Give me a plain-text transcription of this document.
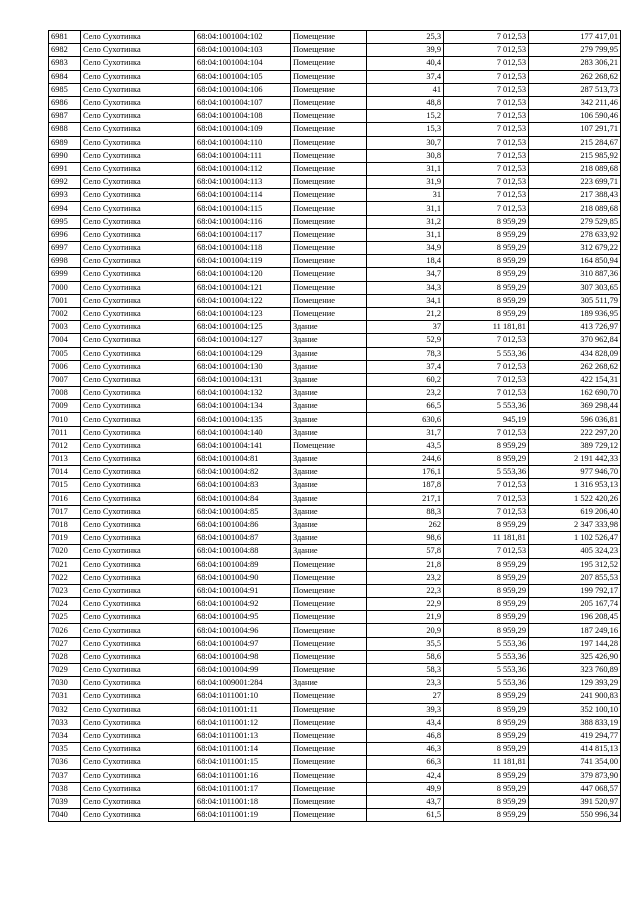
6981	Село Сухотинка	68:04:1001004:102	Помещение	25,3	7 012,53	177 417,01
6982	Село Сухотинка	68:04:1001004:103	Помещение	39,9	7 012,53	279 799,95
6983	Село Сухотинка	68:04:1001004:104	Помещение	40,4	7 012,53	283 306,21
6984	Село Сухотинка	68:04:1001004:105	Помещение	37,4	7 012,53	262 268,62
6985	Село Сухотинка	68:04:1001004:106	Помещение	41	7 012,53	287 513,73
6986	Село Сухотинка	68:04:1001004:107	Помещение	48,8	7 012,53	342 211,46
6987	Село Сухотинка	68:04:1001004:108	Помещение	15,2	7 012,53	106 590,46
6988	Село Сухотинка	68:04:1001004:109	Помещение	15,3	7 012,53	107 291,71
6989	Село Сухотинка	68:04:1001004:110	Помещение	30,7	7 012,53	215 284,67
6990	Село Сухотинка	68:04:1001004:111	Помещение	30,8	7 012,53	215 985,92
6991	Село Сухотинка	68:04:1001004:112	Помещение	31,1	7 012,53	218 089,68
6992	Село Сухотинка	68:04:1001004:113	Помещение	31,9	7 012,53	223 699,71
6993	Село Сухотинка	68:04:1001004:114	Помещение	31	7 012,53	217 388,43
6994	Село Сухотинка	68:04:1001004:115	Помещение	31,1	7 012,53	218 089,68
6995	Село Сухотинка	68:04:1001004:116	Помещение	31,2	8 959,29	279 529,85
6996	Село Сухотинка	68:04:1001004:117	Помещение	31,1	8 959,29	278 633,92
6997	Село Сухотинка	68:04:1001004:118	Помещение	34,9	8 959,29	312 679,22
6998	Село Сухотинка	68:04:1001004:119	Помещение	18,4	8 959,29	164 850,94
6999	Село Сухотинка	68:04:1001004:120	Помещение	34,7	8 959,29	310 887,36
7000	Село Сухотинка	68:04:1001004:121	Помещение	34,3	8 959,29	307 303,65
7001	Село Сухотинка	68:04:1001004:122	Помещение	34,1	8 959,29	305 511,79
7002	Село Сухотинка	68:04:1001004:123	Помещение	21,2	8 959,29	189 936,95
7003	Село Сухотинка	68:04:1001004:125	Здание	37	11 181,81	413 726,97
7004	Село Сухотинка	68:04:1001004:127	Здание	52,9	7 012,53	370 962,84
7005	Село Сухотинка	68:04:1001004:129	Здание	78,3	5 553,36	434 828,09
7006	Село Сухотинка	68:04:1001004:130	Здание	37,4	7 012,53	262 268,62
7007	Село Сухотинка	68:04:1001004:131	Здание	60,2	7 012,53	422 154,31
7008	Село Сухотинка	68:04:1001004:132	Здание	23,2	7 012,53	162 690,70
7009	Село Сухотинка	68:04:1001004:134	Здание	66,5	5 553,36	369 298,44
7010	Село Сухотинка	68:04:1001004:135	Здание	630,6	945,19	596 036,81
7011	Село Сухотинка	68:04:1001004:140	Здание	31,7	7 012,53	222 297,20
7012	Село Сухотинка	68:04:1001004:141	Помещение	43,5	8 959,29	389 729,12
7013	Село Сухотинка	68:04:1001004:81	Здание	244,6	8 959,29	2 191 442,33
7014	Село Сухотинка	68:04:1001004:82	Здание	176,1	5 553,36	977 946,70
7015	Село Сухотинка	68:04:1001004:83	Здание	187,8	7 012,53	1 316 953,13
7016	Село Сухотинка	68:04:1001004:84	Здание	217,1	7 012,53	1 522 420,26
7017	Село Сухотинка	68:04:1001004:85	Здание	88,3	7 012,53	619 206,40
7018	Село Сухотинка	68:04:1001004:86	Здание	262	8 959,29	2 347 333,98
7019	Село Сухотинка	68:04:1001004:87	Здание	98,6	11 181,81	1 102 526,47
7020	Село Сухотинка	68:04:1001004:88	Здание	57,8	7 012,53	405 324,23
7021	Село Сухотинка	68:04:1001004:89	Помещение	21,8	8 959,29	195 312,52
7022	Село Сухотинка	68:04:1001004:90	Помещение	23,2	8 959,29	207 855,53
7023	Село Сухотинка	68:04:1001004:91	Помещение	22,3	8 959,29	199 792,17
7024	Село Сухотинка	68:04:1001004:92	Помещение	22,9	8 959,29	205 167,74
7025	Село Сухотинка	68:04:1001004:95	Помещение	21,9	8 959,29	196 208,45
7026	Село Сухотинка	68:04:1001004:96	Помещение	20,9	8 959,29	187 249,16
7027	Село Сухотинка	68:04:1001004:97	Помещение	35,5	5 553,36	197 144,28
7028	Село Сухотинка	68:04:1001004:98	Помещение	58,6	5 553,36	325 426,90
7029	Село Сухотинка	68:04:1001004:99	Помещение	58,3	5 553,36	323 760,89
7030	Село Сухотинка	68:04:1009001:284	Здание	23,3	5 553,36	129 393,29
7031	Село Сухотинка	68:04:1011001:10	Помещение	27	8 959,29	241 900,83
7032	Село Сухотинка	68:04:1011001:11	Помещение	39,3	8 959,29	352 100,10
7033	Село Сухотинка	68:04:1011001:12	Помещение	43,4	8 959,29	388 833,19
7034	Село Сухотинка	68:04:1011001:13	Помещение	46,8	8 959,29	419 294,77
7035	Село Сухотинка	68:04:1011001:14	Помещение	46,3	8 959,29	414 815,13
7036	Село Сухотинка	68:04:1011001:15	Помещение	66,3	11 181,81	741 354,00
7037	Село Сухотинка	68:04:1011001:16	Помещение	42,4	8 959,29	379 873,90
7038	Село Сухотинка	68:04:1011001:17	Помещение	49,9	8 959,29	447 068,57
7039	Село Сухотинка	68:04:1011001:18	Помещение	43,7	8 959,29	391 520,97
7040	Село Сухотинка	68:04:1011001:19	Помещение	61,5	8 959,29	550 996,34
